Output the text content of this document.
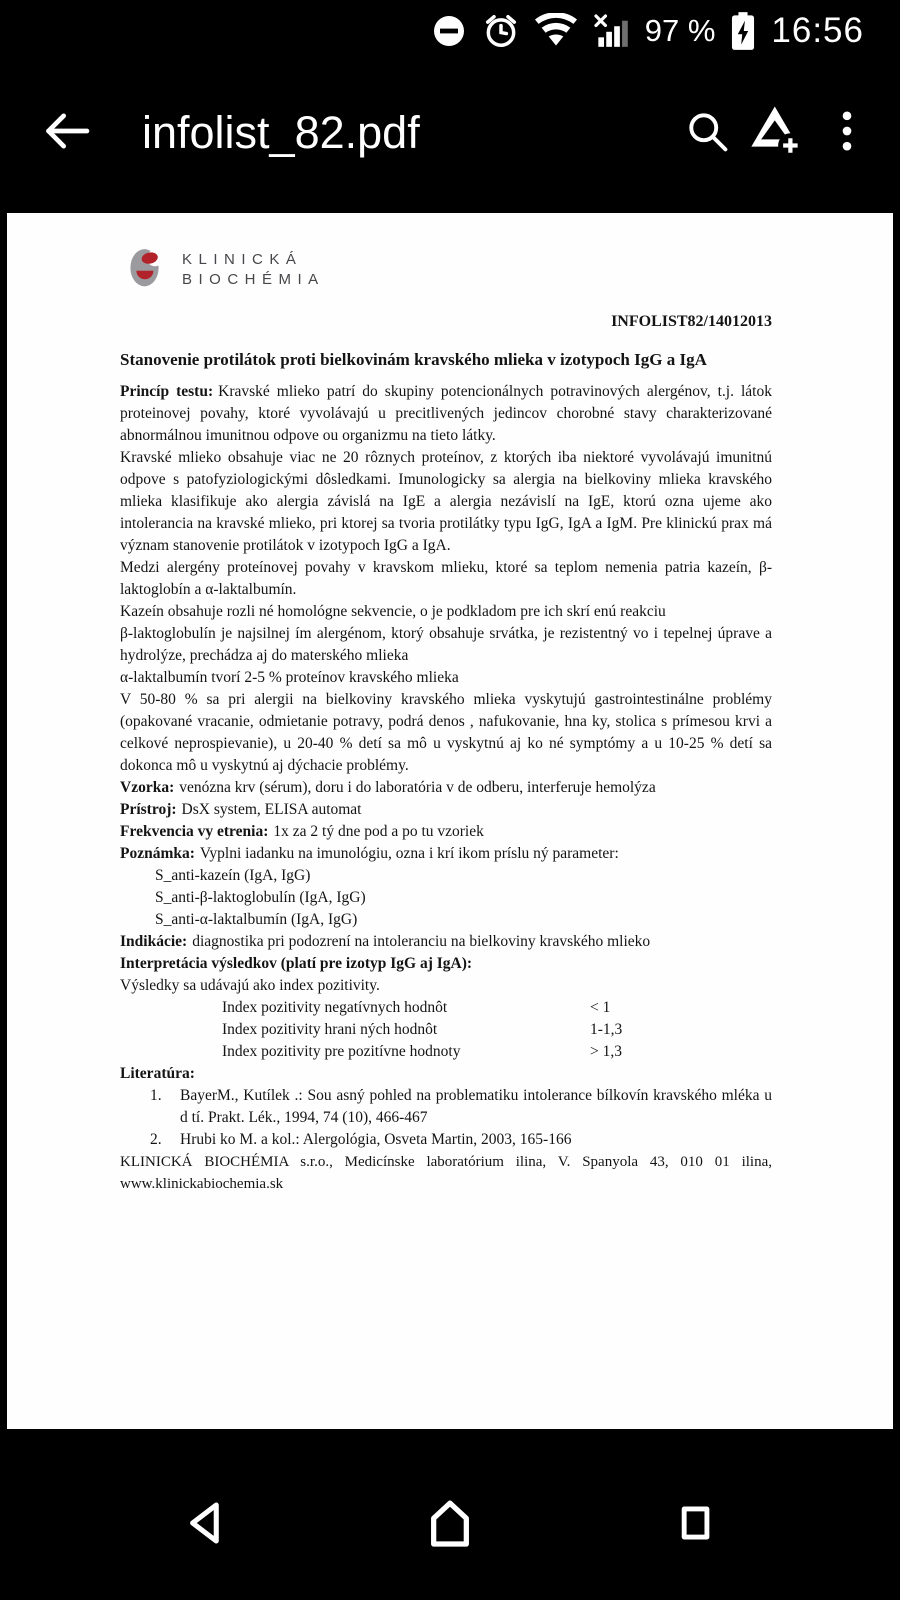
97 % 16:56
infolist_82.pdf
KLINICKÁ
BIOCHÉMIA
INFOLIST82/14012013
Stanovenie protilátok proti bielkovinám kravského mlieka v izotypoch IgG a IgA

Princíp testu: Kravské mlieko patrí do skupiny potencionálnych potravinových alergénov, t.j. látok proteinovej povahy, ktoré vyvolávajú u precitlivených jedincov chorobné stavy charakterizované abnormálnou imunitnou odpove ou organizmu na tieto látky.

Kravské mlieko obsahuje viac ne 20 rôznych proteínov, z ktorých iba niektoré vyvolávajú imunitnú odpove s patofyziologickými dôsledkami. Imunologicky sa alergia na bielkoviny mlieka kravského mlieka klasifikuje ako alergia závislá na IgE a alergia nezávislí na IgE, ktorú ozna ujeme ako intolerancia na kravské mlieko, pri ktorej sa tvoria protilátky typu IgG, IgA a IgM. Pre klinickú prax má význam stanovenie protilátok v izotypoch IgG a IgA.

Medzi alergény proteínovej povahy v kravskom mlieku, ktoré sa teplom nemenia patria kazeín, β-laktoglobín a α-laktalbumín.

Kazeín obsahuje rozli né homológne sekvencie, o je podkladom pre ich skrí enú reakciu

β-laktoglobulín je najsilnej ím alergénom, ktorý obsahuje srvátka, je rezistentný vo i tepelnej úprave a hydrolýze, prechádza aj do materského mlieka

α-laktalbumín tvorí 2-5 % proteínov kravského mlieka

V 50-80 % sa pri alergii na bielkoviny kravského mlieka vyskytujú gastrointestinálne problémy (opakované vracanie, odmietanie potravy, podrá denos , nafukovanie, hna ky, stolica s prímesou krvi a celkové neprospievanie), u 20-40 % detí sa mô u vyskytnú aj ko né symptómy a u 10-25 % detí sa dokonca mô u vyskytnú aj dýchacie problémy.

Vzorka: venózna krv (sérum), doru i do laboratória v de odberu, interferuje hemolýza

Prístroj: DsX system, ELISA automat

Frekvencia vy etrenia: 1x za 2 tý dne pod a po tu vzoriek

Poznámka: Vyplni iadanku na imunológiu, ozna i krí ikom príslu ný parameter:

S_anti-kazeín (IgA, IgG)

S_anti-β-laktoglobulín (IgA, IgG)

S_anti-α-laktalbumín (IgA, IgG)

Indikácie: diagnostika pri podozrení na intoleranciu na bielkoviny kravského mlieko

Interpretácia výsledkov (platí pre izotyp IgG aj IgA):

Výsledky sa udávajú ako index pozitivity.

Index pozitivity negatívnych hodnôt	< 1
Index pozitivity hrani ných hodnôt	1-1,3
Index pozitivity pre pozitívne hodnoty	> 1,3

Literatúra:

1. BayerM., Kutílek .: Sou asný pohled na problematiku intolerance bílkovín kravského mléka u d tí. Prakt. Lék., 1994, 74 (10), 466-467
2. Hrubi ko M. a kol.: Alergológia, Osveta Martin, 2003, 165-166

KLINICKÁ BIOCHÉMIA s.r.o., Medicínske laboratórium ilina, V. Spanyola 43, 010 01 ilina,

www.klinickabiochemia.sk
